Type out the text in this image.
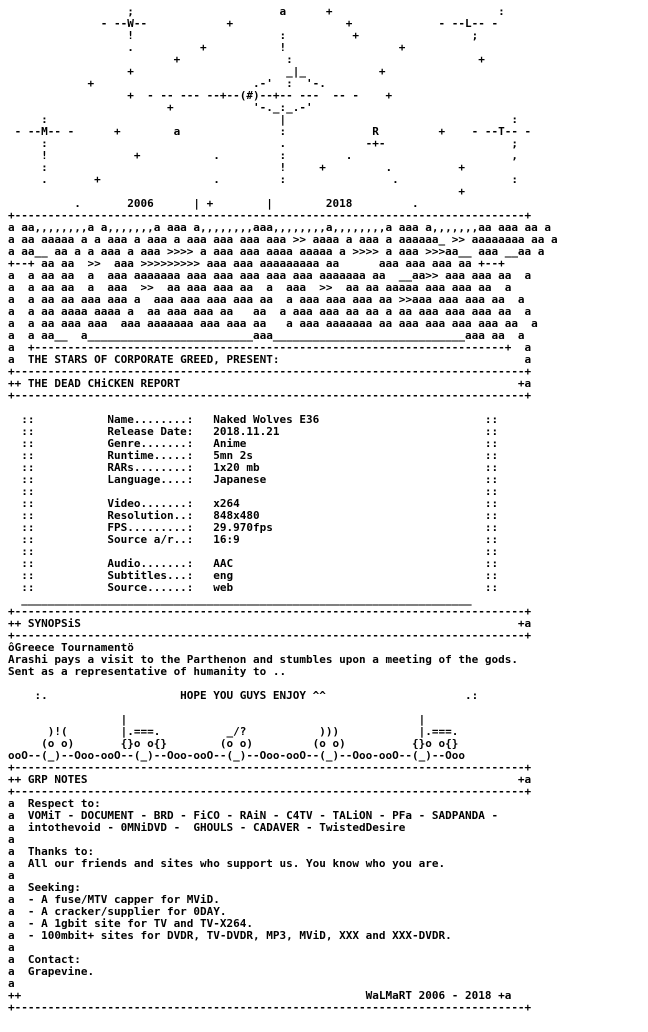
;                      a      +                         :
- --W--            +                 +             - --L-- -
!                      :          +                 ;
.          +           !                 +
+                :                            +
+                       _|_           +
+                        .-'  :  '-.
+  - -- --- --+--(#)--+-- ---  -- -    +
+            '-._:_.-'
:                                   |                                  :
- --M-- -      +        a               :             R         +    - --T-- -
:                                   .            -+-                   ;
!             +           .         :         .                        ,
:                                   !     +         .          +
.       +                 .         :                .                 :
+
.       2006      | +        |        2018         .
+-----------------------------------------------------------------------------+
a aa,,,,,,,,a a,,,,,,,a aaa a,,,,,,,,aaa,,,,,,,,a,,,,,,,,a aaa a,,,,,,,aa aaa aa a
a aa aaaaa a a aaa a aaa a aaa aaa aaa aaa >> aaaa a aaa a aaaaaa_ >> aaaaaaaa aa a
a aa__ aa a a aaa a aaa >>>> a aaa aaa aaaa aaaaa a >>>> a aaa >>>aa__ aaa __aa a
+--+ aa aa  >>  aaa >>>>>>>>> aaa aaa aaaaaaaaa aa      aaa aaa aaa aa +--+
a  a aa aa  a  aaa aaaaaaa aaa aaa aaa aaa aaa aaaaaaa aa  __aa>> aaa aaa aa  a
a  a aa aa  a  aaa  >>  aa aaa aaa aa  a  aaa  >>  aa aa aaaaa aaa aaa aa  a
a  a aa aa aaa aaa a  aaa aaa aaa aaa aa  a aaa aaa aaa aa >>aaa aaa aaa aa  a
a  a aa aaaa aaaa a  aa aaa aaa aa   aa  a aaa aaa aa aa a aa aaa aaa aaa aa  a
a  a aa aaa aaa  aaa aaaaaaa aaa aaa aa   a aaa aaaaaaa aa aaa aaa aaa aaa aa  a
a  a aa__  a_________________________aaa_____________________________aaa aa  a
a  +-----------------------------------------------------------------------+  a
a  THE STARS OF CORPORATE GREED, PRESENT:                                     a
+-----------------------------------------------------------------------------+
++ THE DEAD CHiCKEN REPORT                                                   +a
+-----------------------------------------------------------------------------+

::           Name........:   Naked Wolves E36                         ::
::           Release Date:   2018.11.21                               ::
::           Genre.......:   Anime                                    ::
::           Runtime.....:   5mn 2s                                   ::
::           RARs........:   1x20 mb                                  ::
::           Language....:   Japanese                                 ::
::                                                                    ::
::           Video.......:   x264                                     ::
::           Resolution..:   848x480                                  ::
::           FPS.........:   29.970fps                                ::
::           Source a/r..:   16:9                                     ::
::                                                                    ::
::           Audio.......:   AAC                                      ::
::           Subtitles...:   eng                                      ::
::           Source......:   web                                      ::
____________________________________________________________________
+-----------------------------------------------------------------------------+
++ SYNOPSiS                                                                  +a
+-----------------------------------------------------------------------------+
ôGreece Tournamentö
Arashi pays a visit to the Parthenon and stumbles upon a meeting of the gods.
Sent as a representative of humanity to ..

:.                    HOPE YOU GUYS ENJOY ^^                     .:

|                                            |
)!(        |.===.          _/?           )))            |.===.
(o o)       {}o o{}        (o o)         (o o)          {}o o{}
ooO--(_)--Ooo-ooO--(_)--Ooo-ooO--(_)--Ooo-ooO--(_)--Ooo-ooO--(_)--Ooo
+-----------------------------------------------------------------------------+
++ GRP NOTES                                                                 +a
+-----------------------------------------------------------------------------+
a  Respect to:
a  VOMiT - DOCUMENT - BRD - FiCO - RAiN - C4TV - TALiON - PFa - SADPANDA -
a  intothevoid - 0MNiDVD -  GHOULS - CADAVER - TwistedDesire
a
a  Thanks to:
a  All our friends and sites who support us. You know who you are.
a
a  Seeking:
a  - A fuse/MTV capper for MViD.
a  - A cracker/supplier for 0DAY.
a  - A 1gbit site for TV and TV-X264.
a  - 100mbit+ sites for DVDR, TV-DVDR, MP3, MViD, XXX and XXX-DVDR.
a
a  Contact:
a  Grapevine.
a
++                                                    WaLMaRT 2006 - 2018 +a
+-----------------------------------------------------------------------------+
